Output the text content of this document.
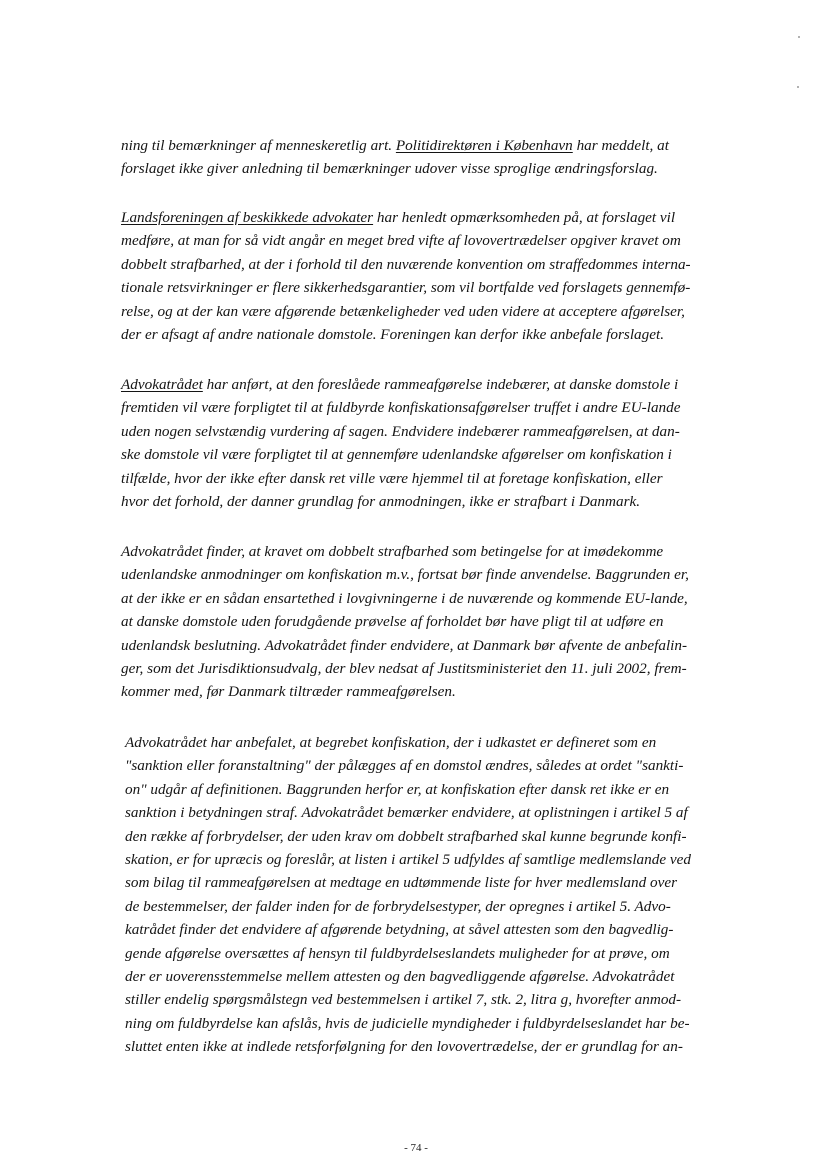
ning til bemærkninger af menneskeretlig art. Politidirektøren i København har meddelt, at
forslaget ikke giver anledning til bemærkninger udover visse sproglige ændringsforslag.
Landsforeningen af beskikkede advokater har henledt opmærksomheden på, at forslaget vil
medføre, at man for så vidt angår en meget bred vifte af lovovertrædelser opgiver kravet om
dobbelt strafbarhed, at der i forhold til den nuværende konvention om straffedommes interna-
tionale retsvirkninger er flere sikkerhedsgarantier, som vil bortfalde ved forslagets gennemfø-
relse, og at der kan være afgørende betænkeligheder ved uden videre at acceptere afgørelser,
der er afsagt af andre nationale domstole. Foreningen kan derfor ikke anbefale forslaget.
Advokatrådet har anført, at den foreslåede rammeafgørelse indebærer, at danske domstole i
fremtiden vil være forpligtet til at fuldbyrde konfiskationsafgørelser truffet i andre EU-lande
uden nogen selvstændig vurdering af sagen. Endvidere indebærer rammeafgørelsen, at dan-
ske domstole vil være forpligtet til at gennemføre udenlandske afgørelser om konfiskation i
tilfælde, hvor der ikke efter dansk ret ville være hjemmel til at foretage konfiskation, eller
hvor det forhold, der danner grundlag for anmodningen, ikke er strafbart i Danmark.
Advokatrådet finder, at kravet om dobbelt strafbarhed som betingelse for at imødekomme
udenlandske anmodninger om konfiskation m.v., fortsat bør finde anvendelse. Baggrunden er,
at der ikke er en sådan ensartethed i lovgivningerne i de nuværende og kommende EU-lande,
at danske domstole uden forudgående prøvelse af forholdet bør have pligt til at udføre en
udenlandsk beslutning. Advokatrådet finder endvidere, at Danmark bør afvente de anbefalin-
ger, som det Jurisdiktionsudvalg, der blev nedsat af Justitsministeriet den 11. juli 2002, frem-
kommer med, før Danmark tiltræder rammeafgørelsen.
Advokatrådet har anbefalet, at begrebet konfiskation, der i udkastet er defineret som en
"sanktion eller foranstaltning" der pålægges af en domstol ændres, således at ordet "sankti-
on" udgår af definitionen. Baggrunden herfor er, at konfiskation efter dansk ret ikke er en
sanktion i betydningen straf. Advokatrådet bemærker endvidere, at oplistningen i artikel 5 af
den række af forbrydelser, der uden krav om dobbelt strafbarhed skal kunne begrunde konfi-
skation, er for upræcis og foreslår, at listen i artikel 5 udfyldes af samtlige medlemslande ved
som bilag til rammeafgørelsen at medtage en udtømmende liste for hver medlemsland over
de bestemmelser, der falder inden for de forbrydelsestyper, der opregnes i artikel 5. Advo-
katrådet finder det endvidere af afgørende betydning, at såvel attesten som den bagvedlig-
gende afgørelse oversættes af hensyn til fuldbyrdelseslandets muligheder for at prøve, om
der er uoverensstemmelse mellem attesten og den bagvedliggende afgørelse. Advokatrådet
stiller endelig spørgsmålstegn ved bestemmelsen i artikel 7, stk. 2, litra g, hvorefter anmod-
ning om fuldbyrdelse kan afslås, hvis de judicielle myndigheder i fuldbyrdelseslandet har be-
sluttet enten ikke at indlede retsforfølgning for den lovovertrædelse, der er grundlag for an-
- 74 -
